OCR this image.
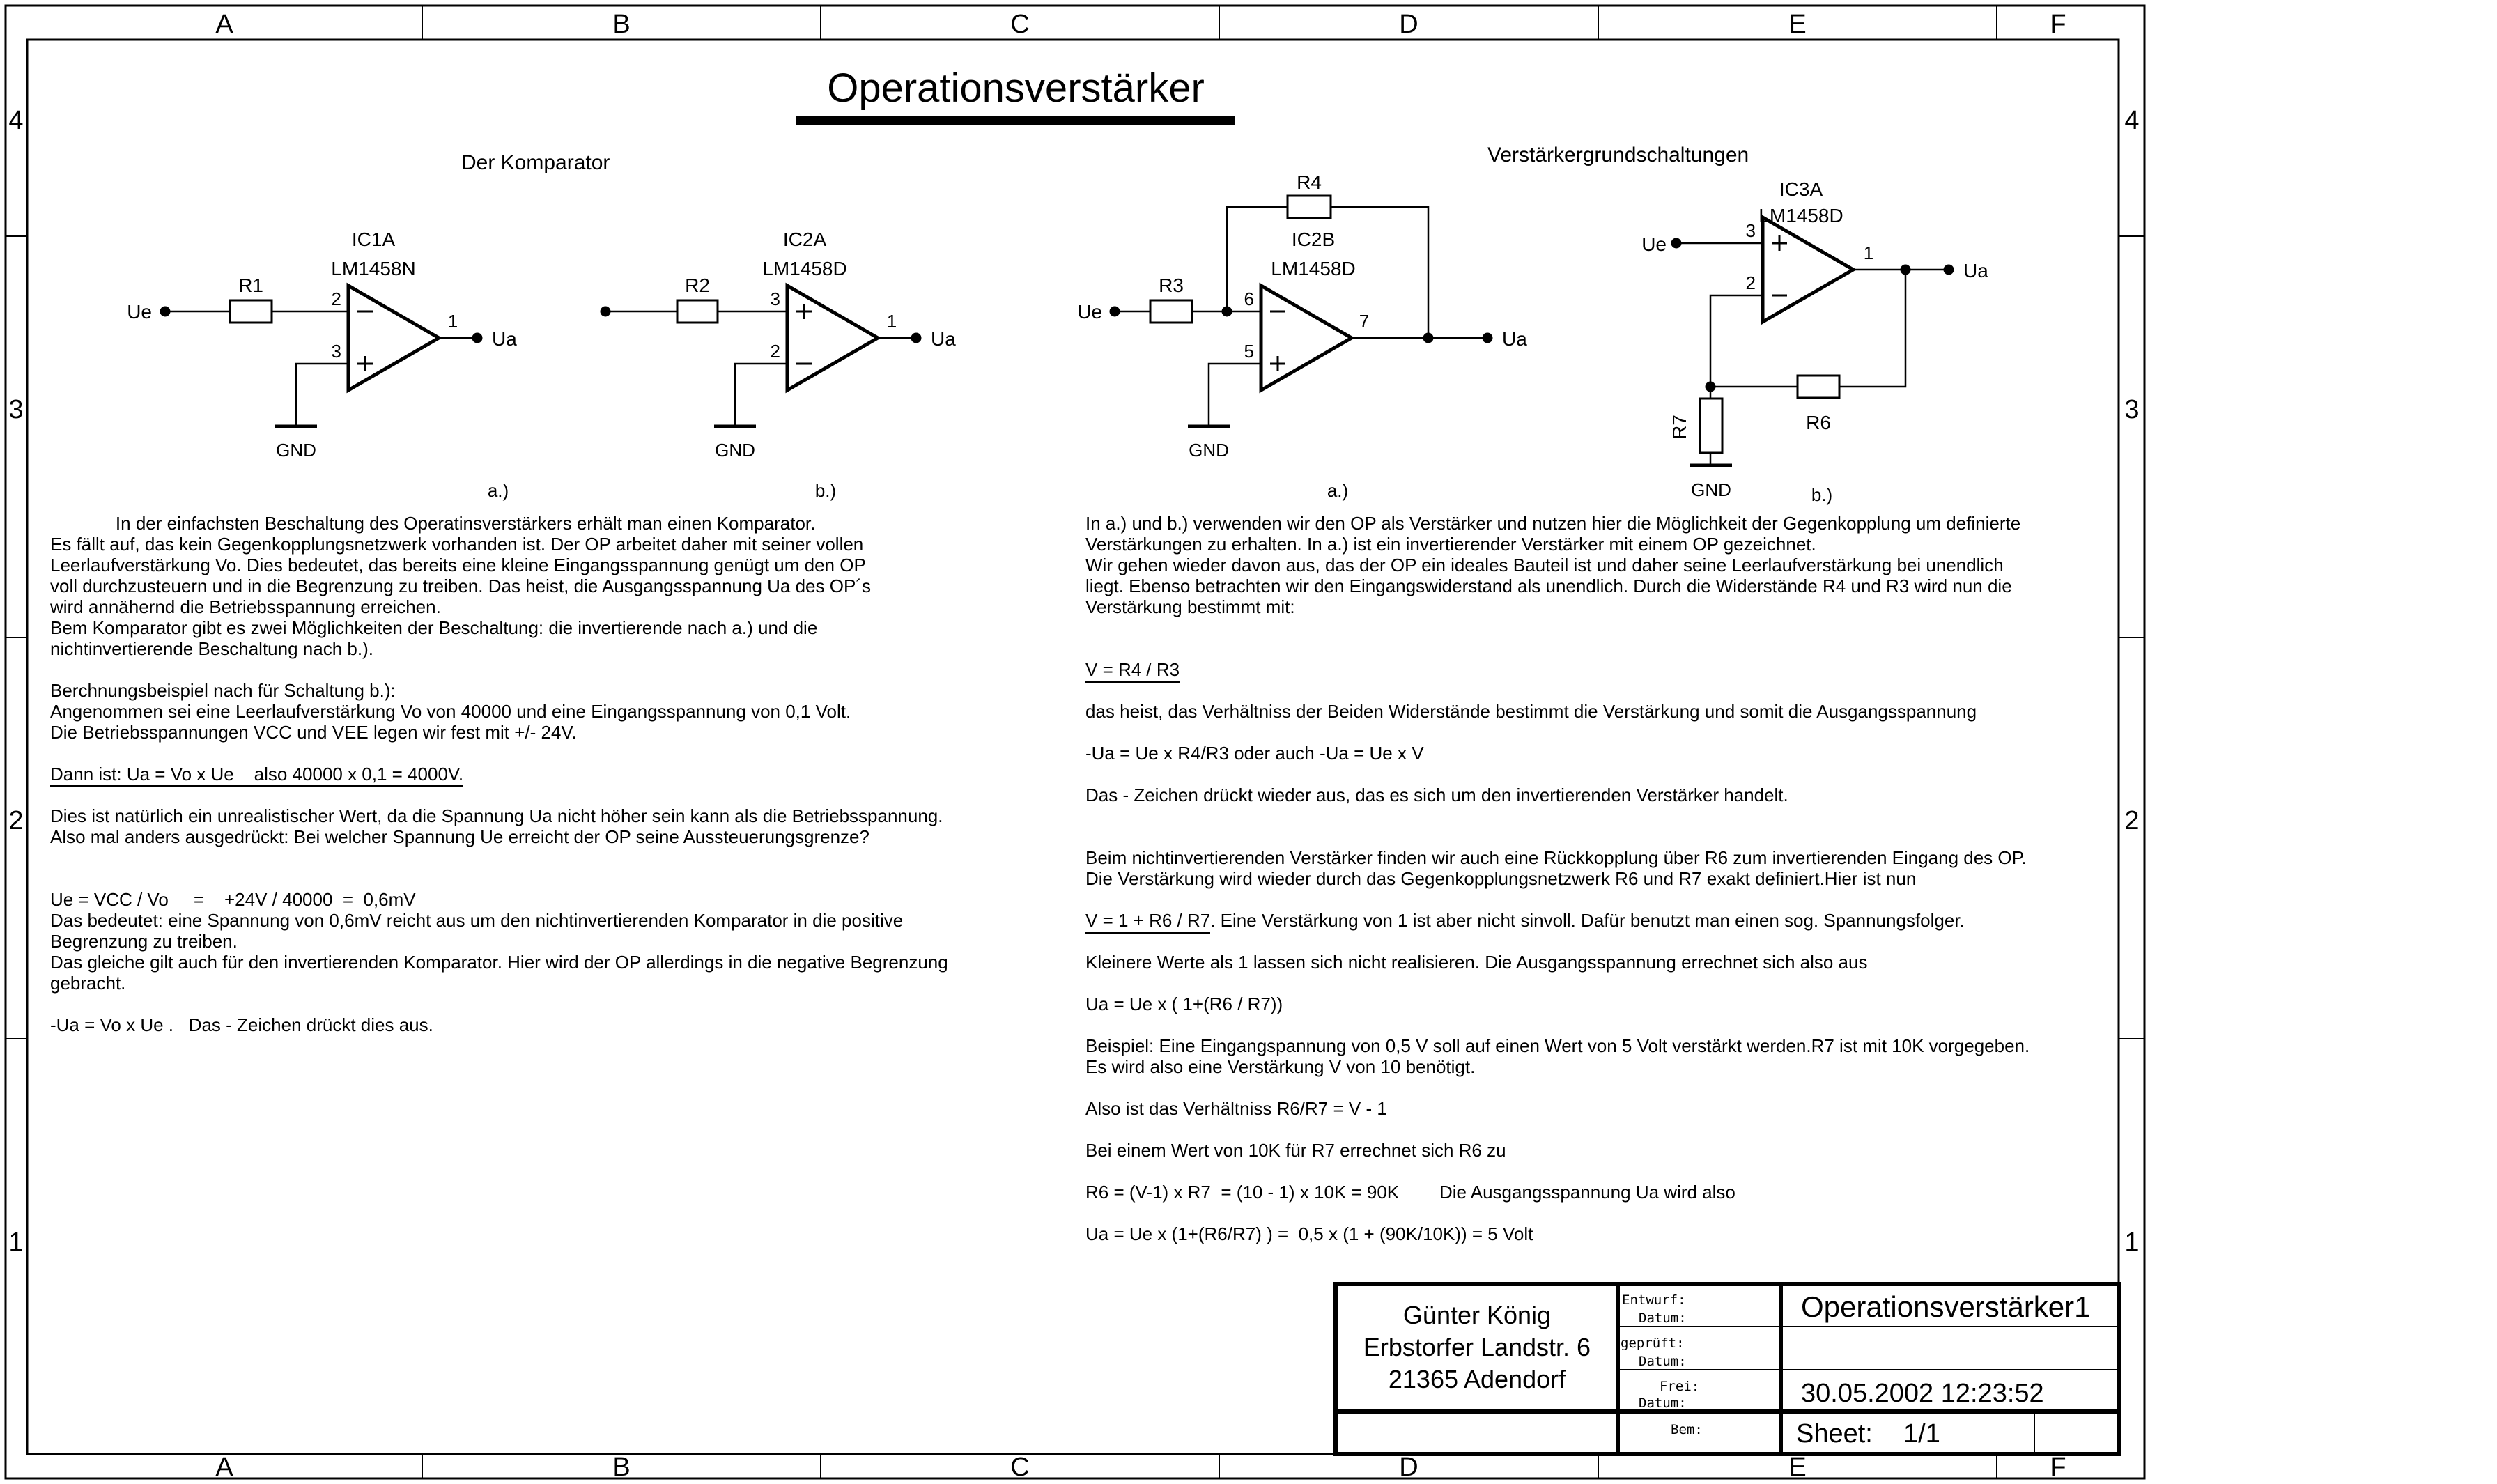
R7
Operationsverstärker
Der Komparator	Verstärkergrundschaltungen
A	B	C	D	E	F
A	B	C	D	E	F
4
3
2
1
4
3
2
1
IC1A
LM1458N
R1
Ue
Ua
2
3
1
GND
a.)
IC2A
LM1458D
R2
Ua
3
2
1
GND
b.)
IC2B
LM1458D
R3
R4
Ue
Ua
6
5
7
GND
a.)
IC3A
LM1458D
R6
Ue
Ua
3
2
1
GND	b.)
Günter König
Erbstorfer Landstr. 6
21365 Adendorf
Entwurf:
Datum:
geprüft:
Datum:
Frei:
Datum:
Bem:
Operationsverstärker1
30.05.2002 12:23:52
Sheet: 1/1
In der einfachsten Beschaltung des Operatinsverstärkers erhält man einen Komparator.
Es fällt auf, das kein Gegenkopplungsnetzwerk vorhanden ist. Der OP arbeitet daher mit seiner vollen
Leerlaufverstärkung Vo. Dies bedeutet, das bereits eine kleine Eingangsspannung genügt um den OP
voll durchzusteuern und in die Begrenzung zu treiben. Das heist, die Ausgangsspannung Ua des OP´s
wird annähernd die Betriebsspannung erreichen.
Bem Komparator gibt es zwei Möglichkeiten der Beschaltung: die invertierende nach a.) und die
nichtinvertierende Beschaltung nach b.).
Berchnungsbeispiel nach für Schaltung b.):
Angenommen sei eine Leerlaufverstärkung Vo von 40000 und eine Eingangsspannung von 0,1 Volt.
Die Betriebsspannungen VCC und VEE legen wir fest mit +/- 24V.
Dann ist: Ua = Vo x Ue    also 40000 x 0,1 = 4000V.
Dies ist natürlich ein unrealistischer Wert, da die Spannung Ua nicht höher sein kann als die Betriebsspannung.
Also mal anders ausgedrückt: Bei welcher Spannung Ue erreicht der OP seine Aussteuerungsgrenze?
Ue = VCC / Vo     =    +24V / 40000  =  0,6mV
Das bedeutet: eine Spannung von 0,6mV reicht aus um den nichtinvertierenden Komparator in die positive
Begrenzung zu treiben.
Das gleiche gilt auch für den invertierenden Komparator. Hier wird der OP allerdings in die negative Begrenzung
gebracht.
-Ua = Vo x Ue .   Das - Zeichen drückt dies aus.
In a.) und b.) verwenden wir den OP als Verstärker und nutzen hier die Möglichkeit der Gegenkopplung um definierte
Verstärkungen zu erhalten. In a.) ist ein invertierender Verstärker mit einem OP gezeichnet.
Wir gehen wieder davon aus, das der OP ein ideales Bauteil ist und daher seine Leerlaufverstärkung bei unendlich
liegt. Ebenso betrachten wir den Eingangswiderstand als unendlich. Durch die Widerstände R4 und R3 wird nun die
Verstärkung bestimmt mit:
V = R4 / R3
das heist, das Verhältniss der Beiden Widerstände bestimmt die Verstärkung und somit die Ausgangsspannung
-Ua = Ue x R4/R3 oder auch -Ua = Ue x V
Das - Zeichen drückt wieder aus, das es sich um den invertierenden Verstärker handelt.
Beim nichtinvertierenden Verstärker finden wir auch eine Rückkopplung über R6 zum invertierenden Eingang des OP.
Die Verstärkung wird wieder durch das Gegenkopplungsnetzwerk R6 und R7 exakt definiert.Hier ist nun
V = 1 + R6 / R7. Eine Verstärkung von 1 ist aber nicht sinvoll. Dafür benutzt man einen sog. Spannungsfolger.
Kleinere Werte als 1 lassen sich nicht realisieren. Die Ausgangsspannung errechnet sich also aus
Ua = Ue x ( 1+(R6 / R7))
Beispiel: Eine Eingangspannung von 0,5 V soll auf einen Wert von 5 Volt verstärkt werden.R7 ist mit 10K vorgegeben.
Es wird also eine Verstärkung V von 10 benötigt.
Also ist das Verhältniss R6/R7 = V - 1
Bei einem Wert von 10K für R7 errechnet sich R6 zu
R6 = (V-1) x R7  = (10 - 1) x 10K = 90K        Die Ausgangsspannung Ua wird also
Ua = Ue x (1+(R6/R7) ) =  0,5 x (1 + (90K/10K)) = 5 Volt
